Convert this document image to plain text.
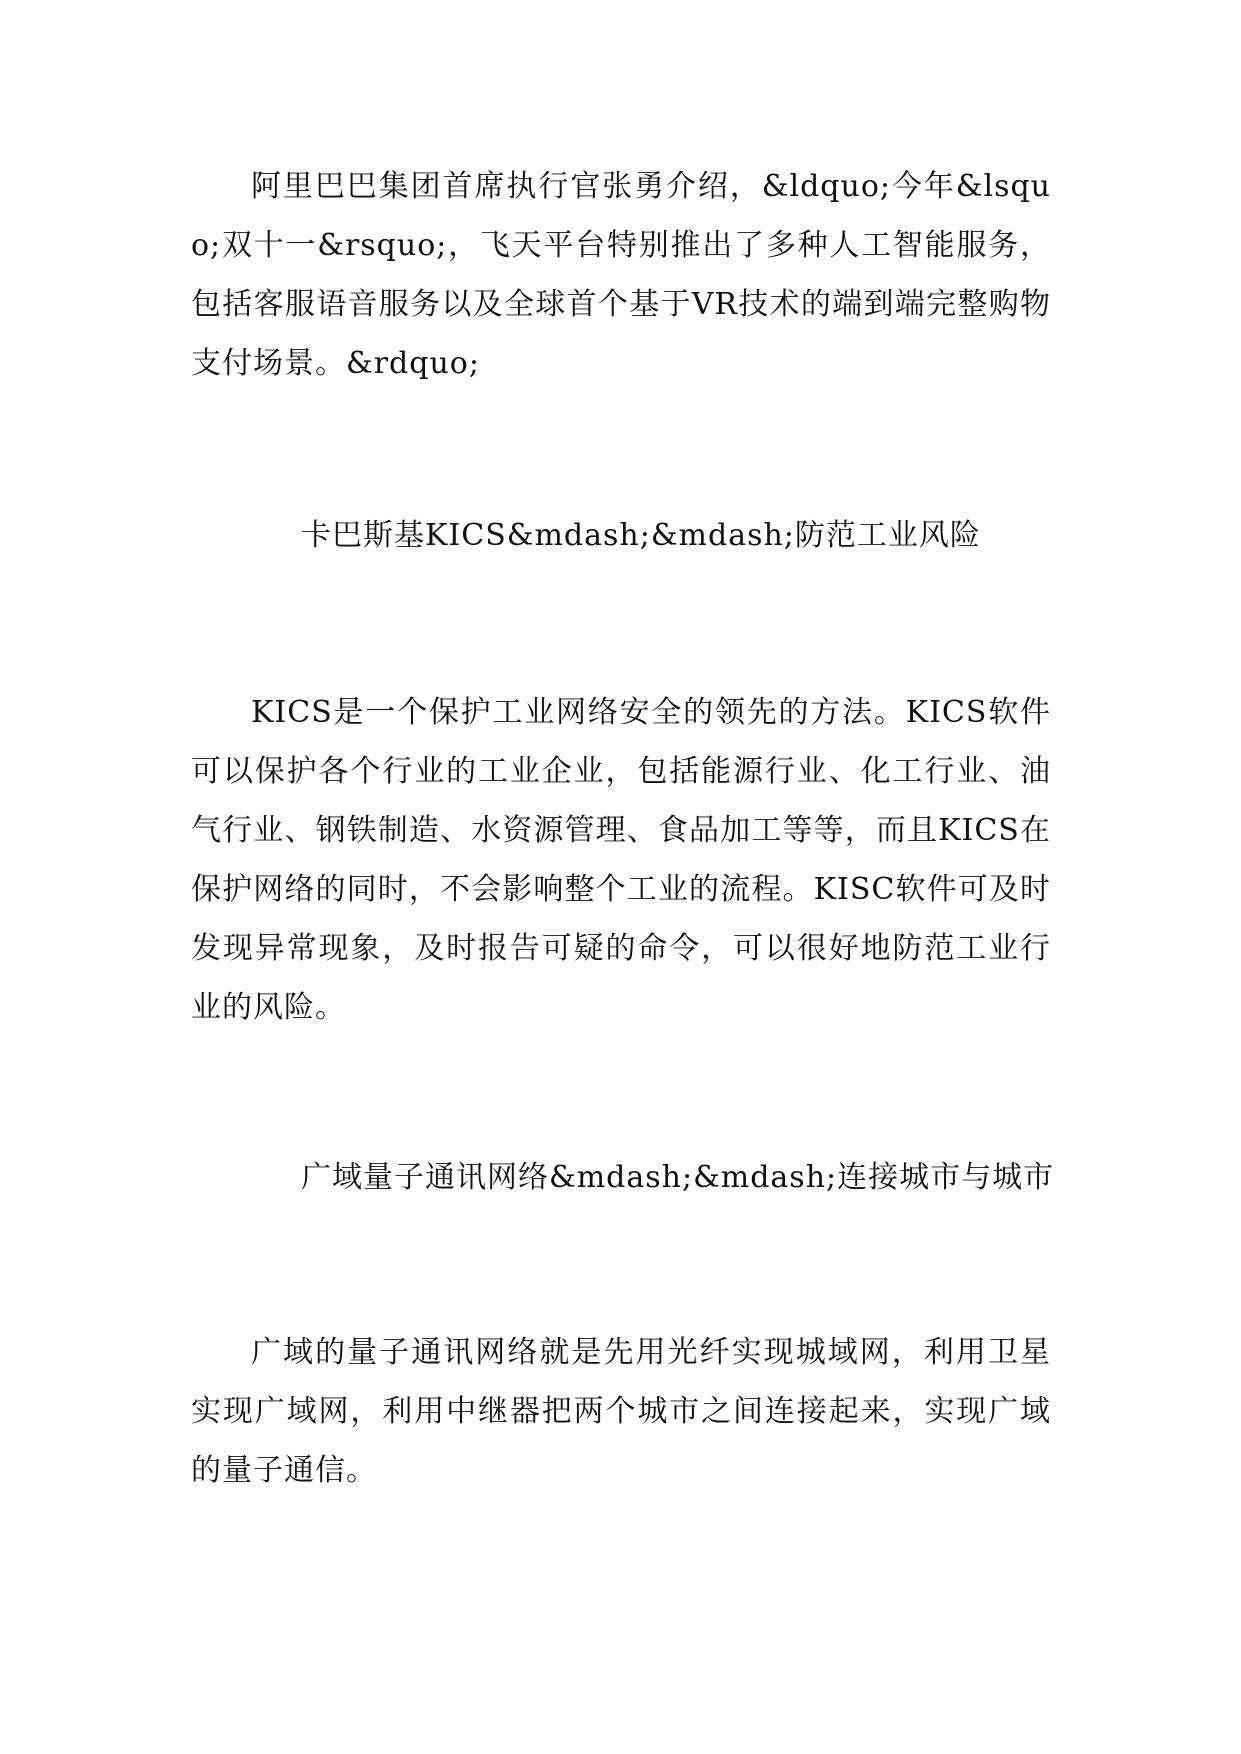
阿里巴巴集团首席执行官张勇介绍，&ldquo;今年&lsquo;双十一&rsquo;，飞天平台特别推出了多种人工智能服务，包括客服语音服务以及全球首个基于VR技术的端到端完整购物支付场景。&rdquo;

卡巴斯基KICS&mdash;&mdash;防范工业风险

KICS是一个保护工业网络安全的领先的方法。KICS软件可以保护各个行业的工业企业，包括能源行业、化工行业、油气行业、钢铁制造、水资源管理、食品加工等等，而且KICS在保护网络的同时，不会影响整个工业的流程。KISC软件可及时发现异常现象，及时报告可疑的命令，可以很好地防范工业行业的风险。

广域量子通讯网络&mdash;&mdash;连接城市与城市

广域的量子通讯网络就是先用光纤实现城域网，利用卫星实现广域网，利用中继器把两个城市之间连接起来，实现广域的量子通信。
